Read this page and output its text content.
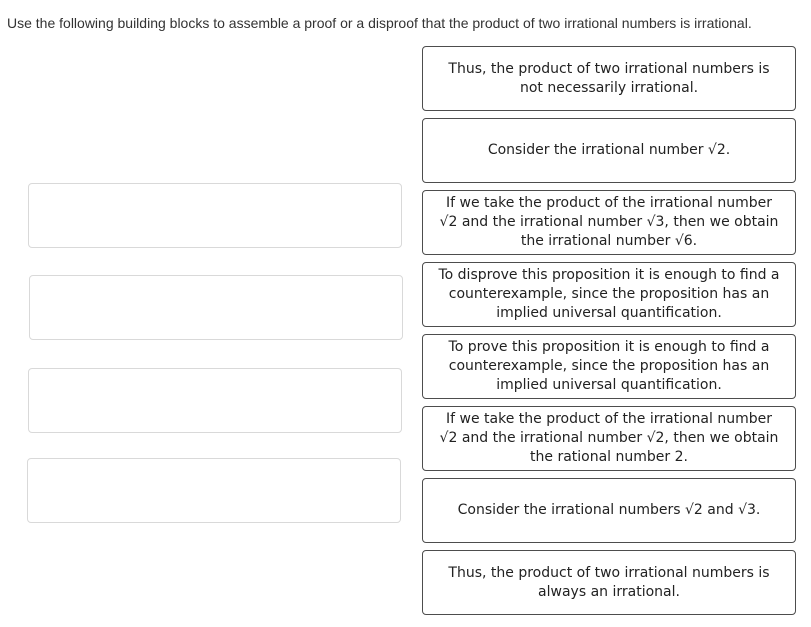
Use the following building blocks to assemble a proof or a disproof that the product of two irrational numbers is irrational.
Thus, the product of two irrational numbers is not necessarily irrational.
Consider the irrational number √2.
If we take the product of the irrational number √2 and the irrational number √3, then we obtain the irrational number √6.
To disprove this proposition it is enough to find a counterexample, since the proposition has an implied universal quantification.
To prove this proposition it is enough to find a counterexample, since the proposition has an implied universal quantification.
If we take the product of the irrational number √2 and the irrational number √2, then we obtain the rational number 2.
Consider the irrational numbers √2 and √3.
Thus, the product of two irrational numbers is always an irrational.
